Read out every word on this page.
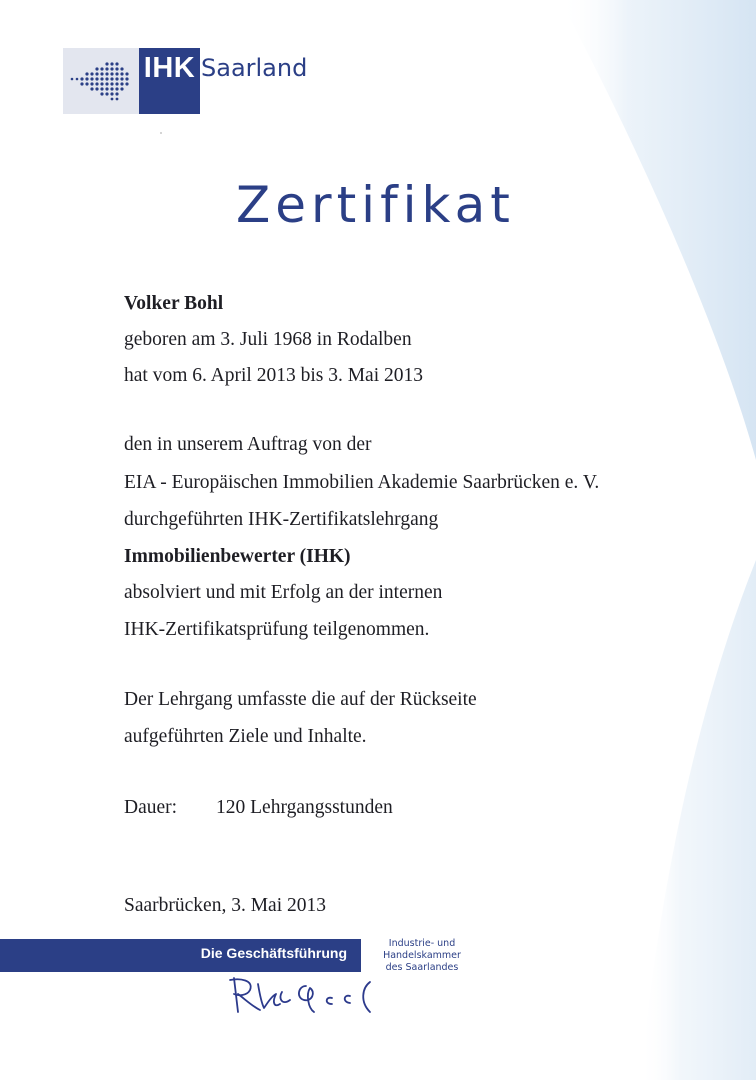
IHK Saarland
Zertifikat
Volker Bohl
geboren am 3. Juli 1968 in Rodalben
hat vom 6. April 2013 bis 3. Mai 2013
den in unserem Auftrag von der
EIA - Europäischen Immobilien Akademie Saarbrücken e. V.
durchgeführten IHK-Zertifikatslehrgang
Immobilienbewerter (IHK)
absolviert und mit Erfolg an der internen
IHK-Zertifikatsprüfung teilgenommen.
Der Lehrgang umfasste die auf der Rückseite
aufgeführten Ziele und Inhalte.
Dauer: 120 Lehrgangsstunden
Saarbrücken, 3. Mai 2013
Die Geschäftsführung
Industrie- und
Handelskammer
des Saarlandes
